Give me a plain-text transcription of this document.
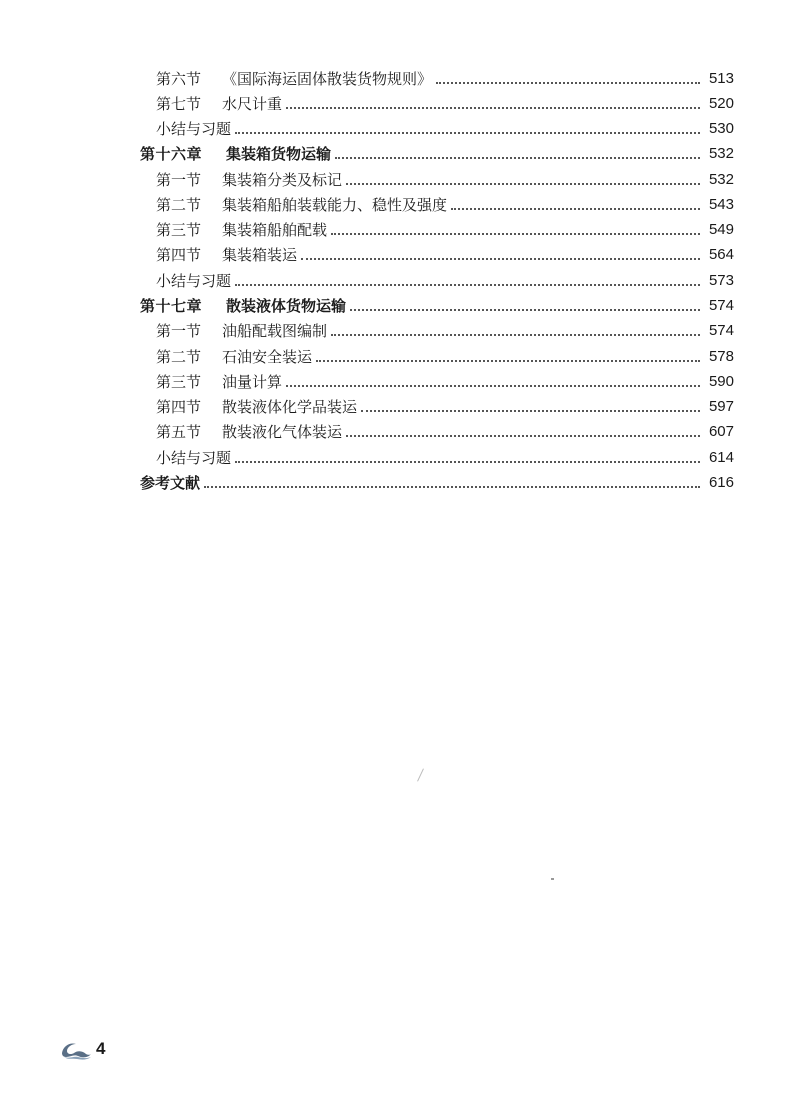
第六节	《国际海运固体散装货物规则》	513
第七节	水尺计重	520
小结与习题	530
第十六章	集装箱货物运输	532
第一节	集装箱分类及标记	532
第二节	集装箱船舶装载能力、稳性及强度	543
第三节	集装箱船舶配载	549
第四节	集装箱装运	564
小结与习题	573
第十七章	散装液体货物运输	574
第一节	油船配载图编制	574
第二节	石油安全装运	578
第三节	油量计算	590
第四节	散装液体化学品装运	597
第五节	散装液化气体装运	607
小结与习题	614
参考文献	616
4
